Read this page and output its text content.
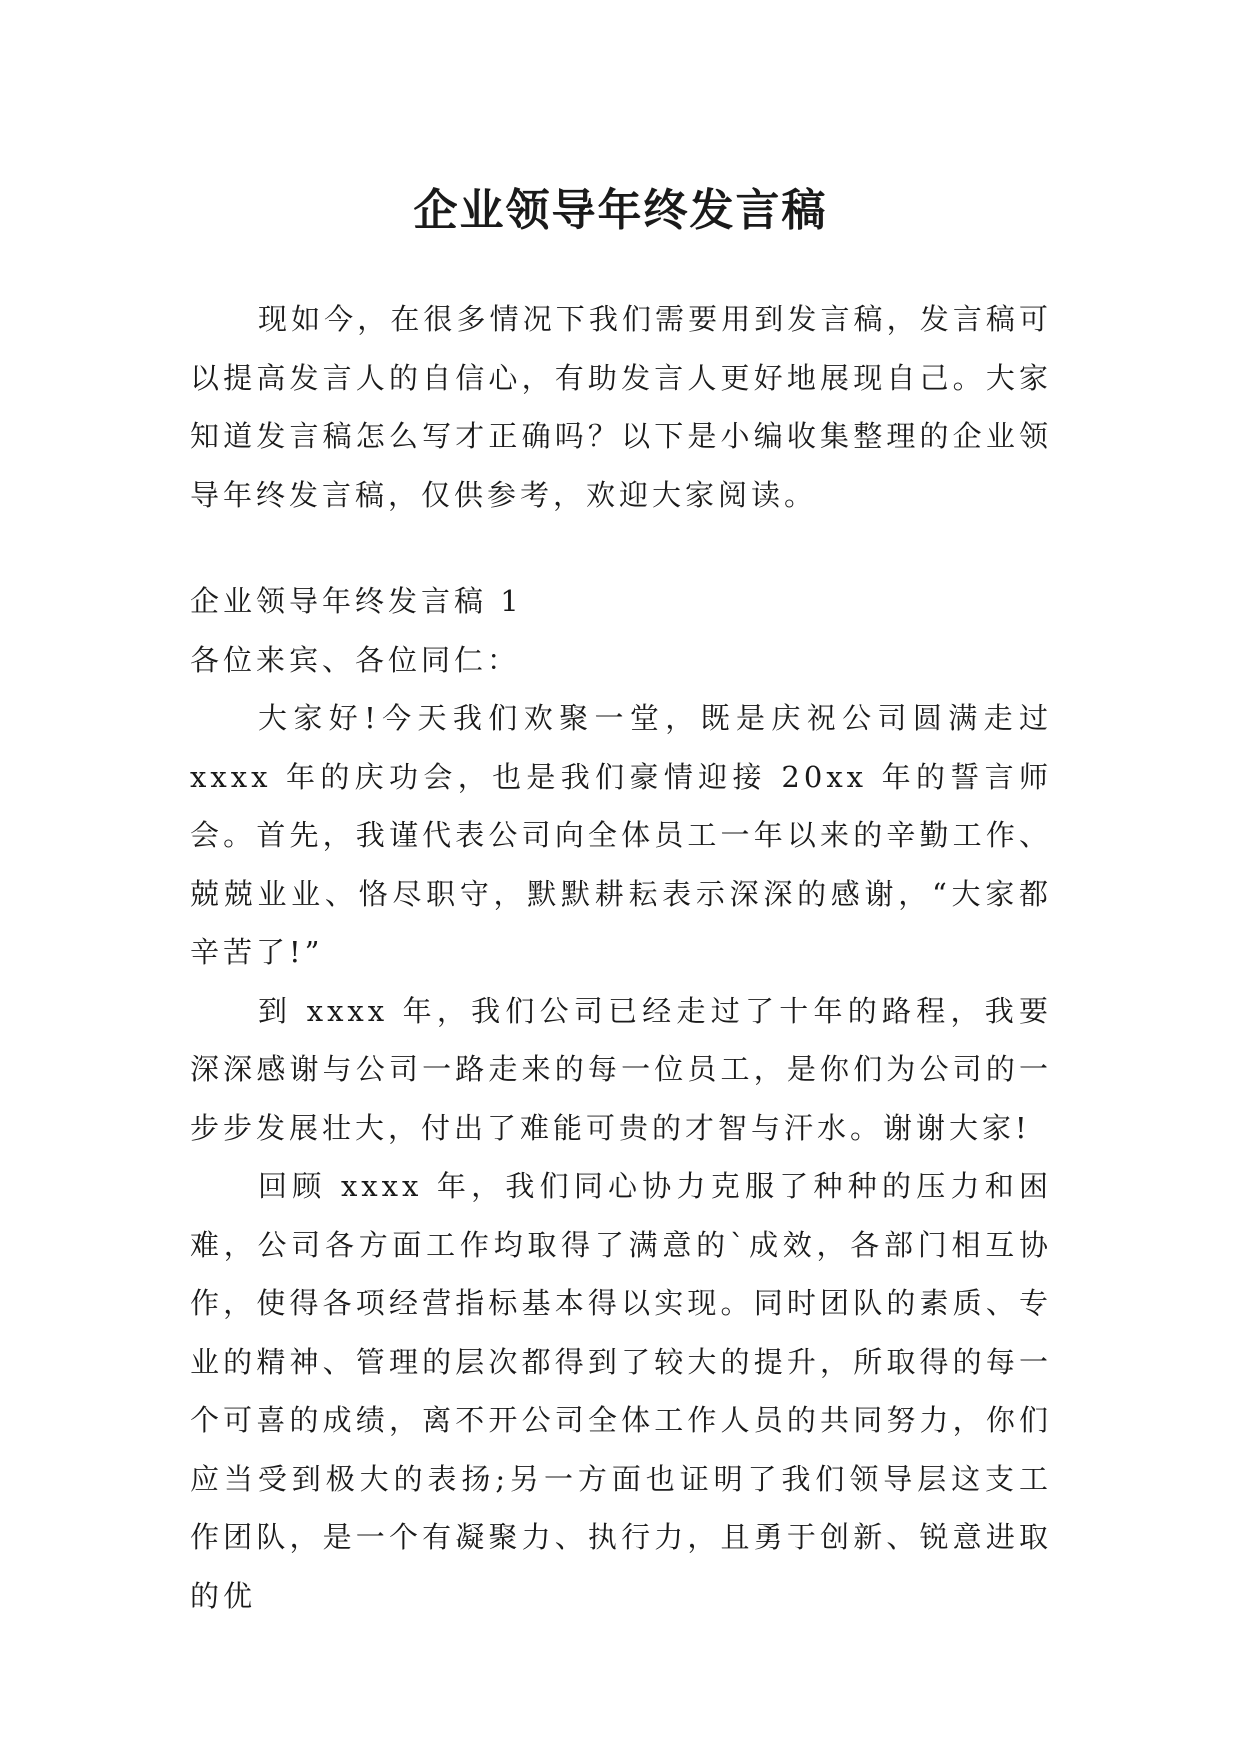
企业领导年终发言稿

现如今，在很多情况下我们需要用到发言稿，发言稿可以提高发言人的自信心，有助发言人更好地展现自己。大家知道发言稿怎么写才正确吗？以下是小编收集整理的企业领导年终发言稿，仅供参考，欢迎大家阅读。

企业领导年终发言稿 1

各位来宾、各位同仁：

大家好!今天我们欢聚一堂，既是庆祝公司圆满走过 xxxx 年的庆功会，也是我们豪情迎接 20xx 年的誓言师会。首先，我谨代表公司向全体员工一年以来的辛勤工作、兢兢业业、恪尽职守，默默耕耘表示深深的感谢，“大家都辛苦了!”

到 xxxx 年，我们公司已经走过了十年的路程，我要深深感谢与公司一路走来的每一位员工，是你们为公司的一步步发展壮大，付出了难能可贵的才智与汗水。谢谢大家!

回顾 xxxx 年，我们同心协力克服了种种的压力和困难，公司各方面工作均取得了满意的`成效，各部门相互协作，使得各项经营指标基本得以实现。同时团队的素质、专业的精神、管理的层次都得到了较大的提升，所取得的每一个可喜的成绩，离不开公司全体工作人员的共同努力，你们应当受到极大的表扬;另一方面也证明了我们领导层这支工作团队，是一个有凝聚力、执行力，且勇于创新、锐意进取的优
